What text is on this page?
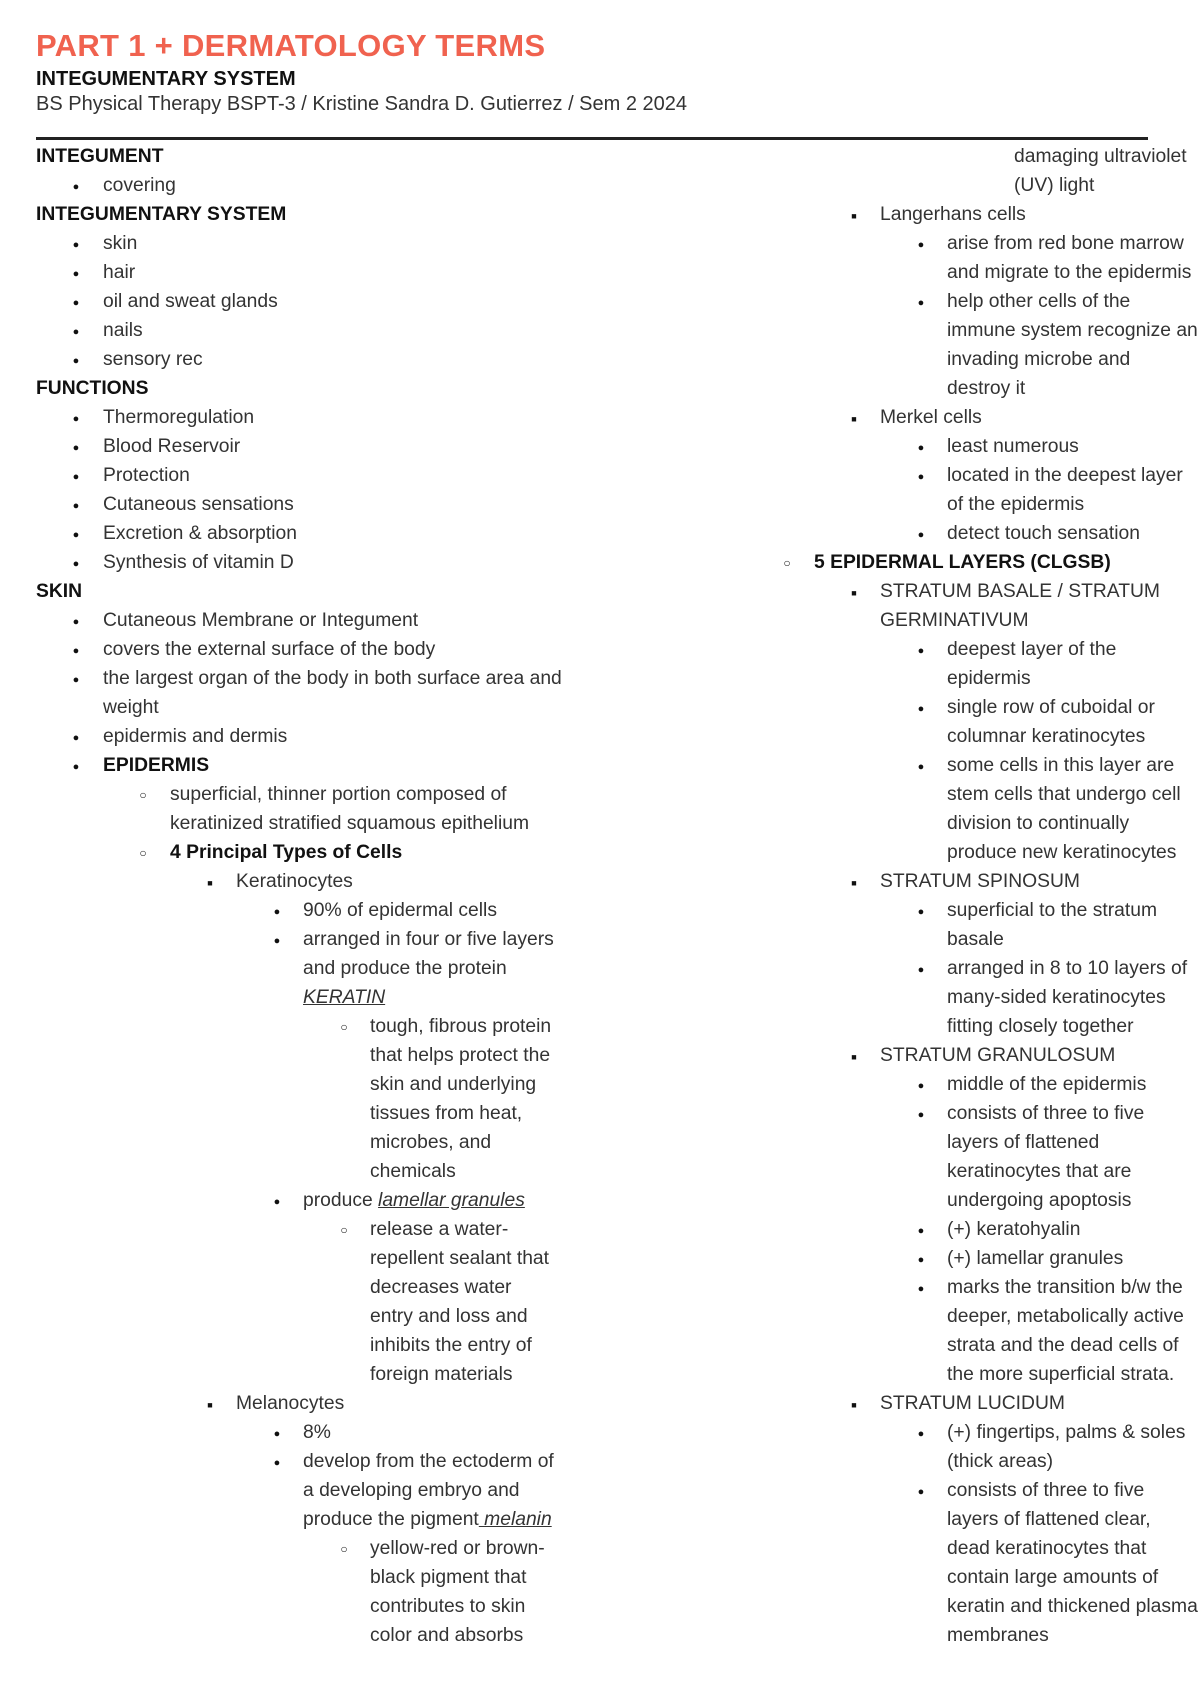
PART 1 + DERMATOLOGY TERMS
INTEGUMENTARY SYSTEM
BS Physical Therapy BSPT-3 / Kristine Sandra D. Gutierrez / Sem 2 2024
INTEGUMENT
●
covering
INTEGUMENTARY SYSTEM
●
skin
●
hair
●
oil and sweat glands
●
nails
●
sensory rec
FUNCTIONS
●
Thermoregulation
●
Blood Reservoir
●
Protection
●
Cutaneous sensations
●
Excretion & absorption
●
Synthesis of vitamin D
SKIN
●
Cutaneous Membrane or Integument
●
covers the external surface of the body
●
the largest organ of the body in both surface area and
weight
●
epidermis and dermis
●
EPIDERMIS
○
superficial, thinner portion composed of
keratinized stratified squamous epithelium
○
4 Principal Types of Cells
■
Keratinocytes
●
90% of epidermal cells
●
arranged in four or five layers
and produce the protein
KERATIN
○
tough, fibrous protein
that helps protect the
skin and underlying
tissues from heat,
microbes, and
chemicals
●
produce lamellar granules
○
release a water-
repellent sealant that
decreases water
entry and loss and
inhibits the entry of
foreign materials
■
Melanocytes
●
8%
●
develop from the ectoderm of
a developing embryo and
produce the pigment melanin
○
yellow-red or brown-
black pigment that
contributes to skin
color and absorbs
damaging ultraviolet
(UV) light
■
Langerhans cells
●
arise from red bone marrow
and migrate to the epidermis
●
help other cells of the
immune system recognize an
invading microbe and
destroy it
■
Merkel cells
●
least numerous
●
located in the deepest layer
of the epidermis
●
detect touch sensation
○
5 EPIDERMAL LAYERS (CLGSB)
■
STRATUM BASALE / STRATUM
GERMINATIVUM
●
deepest layer of the
epidermis
●
single row of cuboidal or
columnar keratinocytes
●
some cells in this layer are
stem cells that undergo cell
division to continually
produce new keratinocytes
■
STRATUM SPINOSUM
●
superficial to the stratum
basale
●
arranged in 8 to 10 layers of
many-sided keratinocytes
fitting closely together
■
STRATUM GRANULOSUM
●
middle of the epidermis
●
consists of three to five
layers of flattened
keratinocytes that are
undergoing apoptosis
●
(+) keratohyalin
●
(+) lamellar granules
●
marks the transition b/w the
deeper, metabolically active
strata and the dead cells of
the more superficial strata.
■
STRATUM LUCIDUM
●
(+) fingertips, palms & soles
(thick areas)
●
consists of three to five
layers of flattened clear,
dead keratinocytes that
contain large amounts of
keratin and thickened plasma
membranes
